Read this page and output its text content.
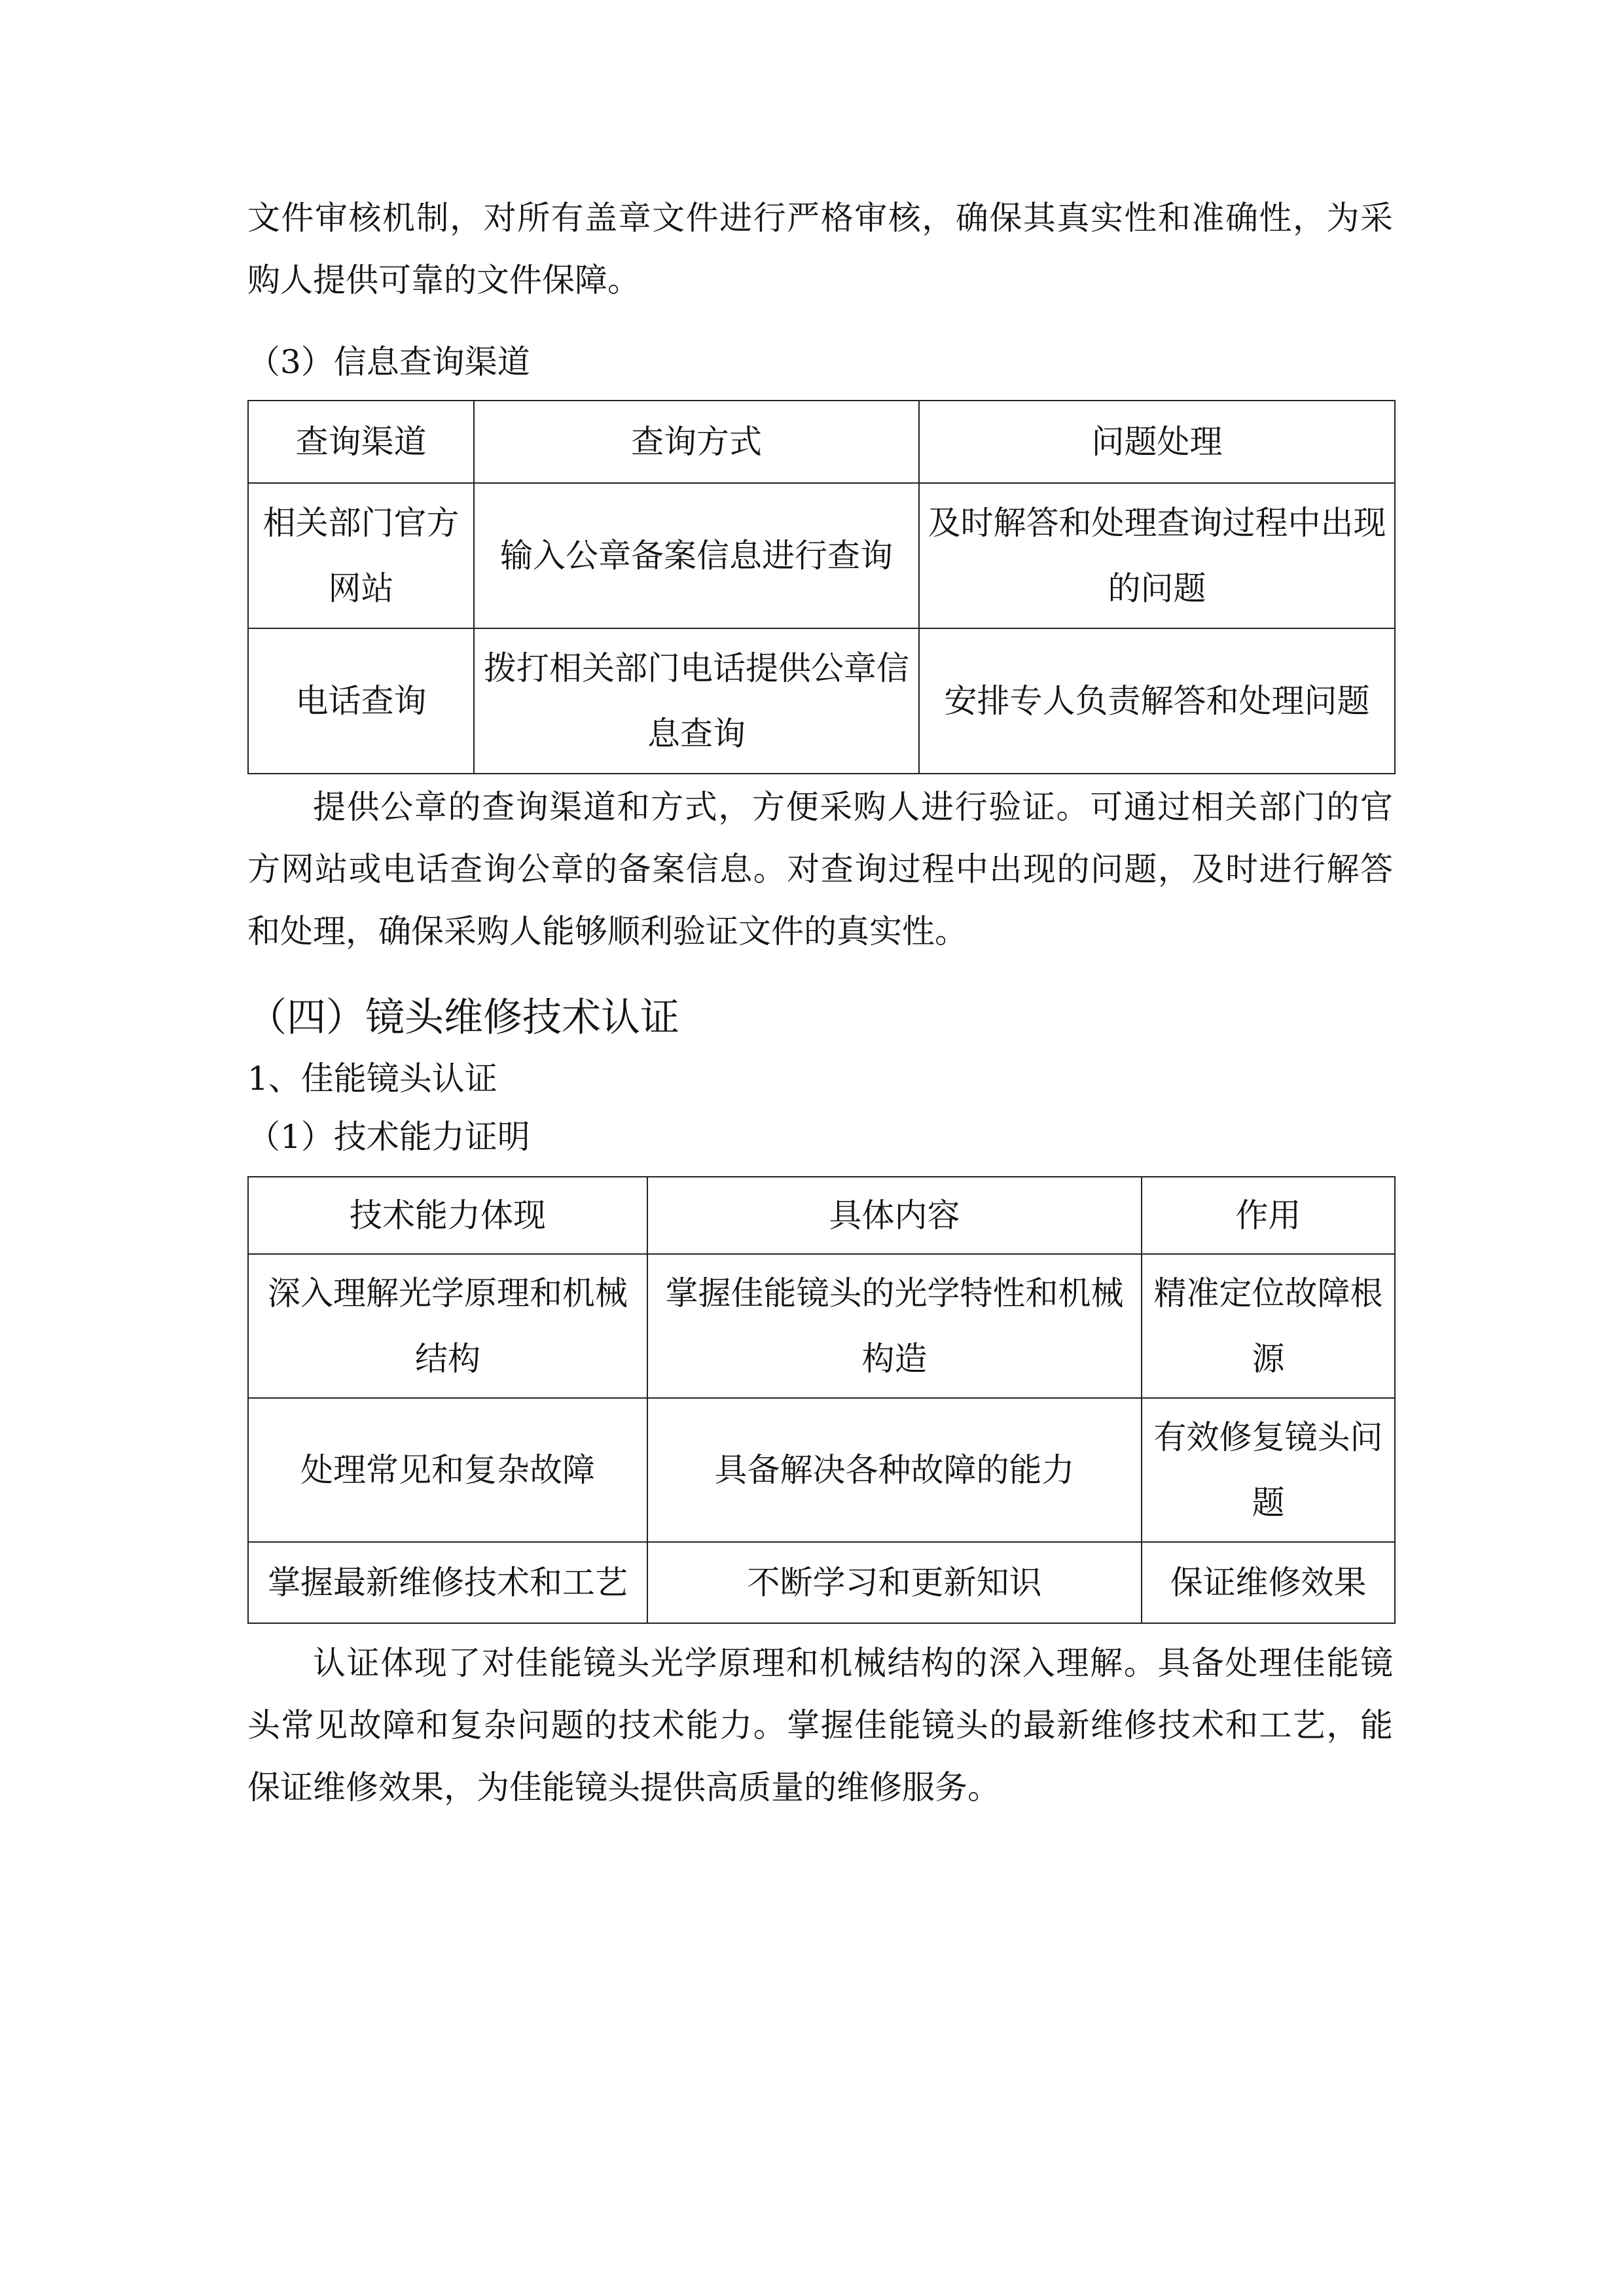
文件审核机制，对所有盖章文件进行严格审核，确保其真实性和准确性，为采
购人提供可靠的文件保障。
（3）信息查询渠道
查询渠道	查询方式	问题处理
相关部门官方网站	输入公章备案信息进行查询	及时解答和处理查询过程中出现的问题
电话查询	拨打相关部门电话提供公章信息查询	安排专人负责解答和处理问题
提供公章的查询渠道和方式，方便采购人进行验证。可通过相关部门的官
方网站或电话查询公章的备案信息。对查询过程中出现的问题，及时进行解答
和处理，确保采购人能够顺利验证文件的真实性。
（四）镜头维修技术认证
1、佳能镜头认证
（1）技术能力证明
技术能力体现	具体内容	作用
深入理解光学原理和机械结构	掌握佳能镜头的光学特性和机械构造	精准定位故障根源
处理常见和复杂故障	具备解决各种故障的能力	有效修复镜头问题
掌握最新维修技术和工艺	不断学习和更新知识	保证维修效果
认证体现了对佳能镜头光学原理和机械结构的深入理解。具备处理佳能镜
头常见故障和复杂问题的技术能力。掌握佳能镜头的最新维修技术和工艺，能
保证维修效果，为佳能镜头提供高质量的维修服务。
